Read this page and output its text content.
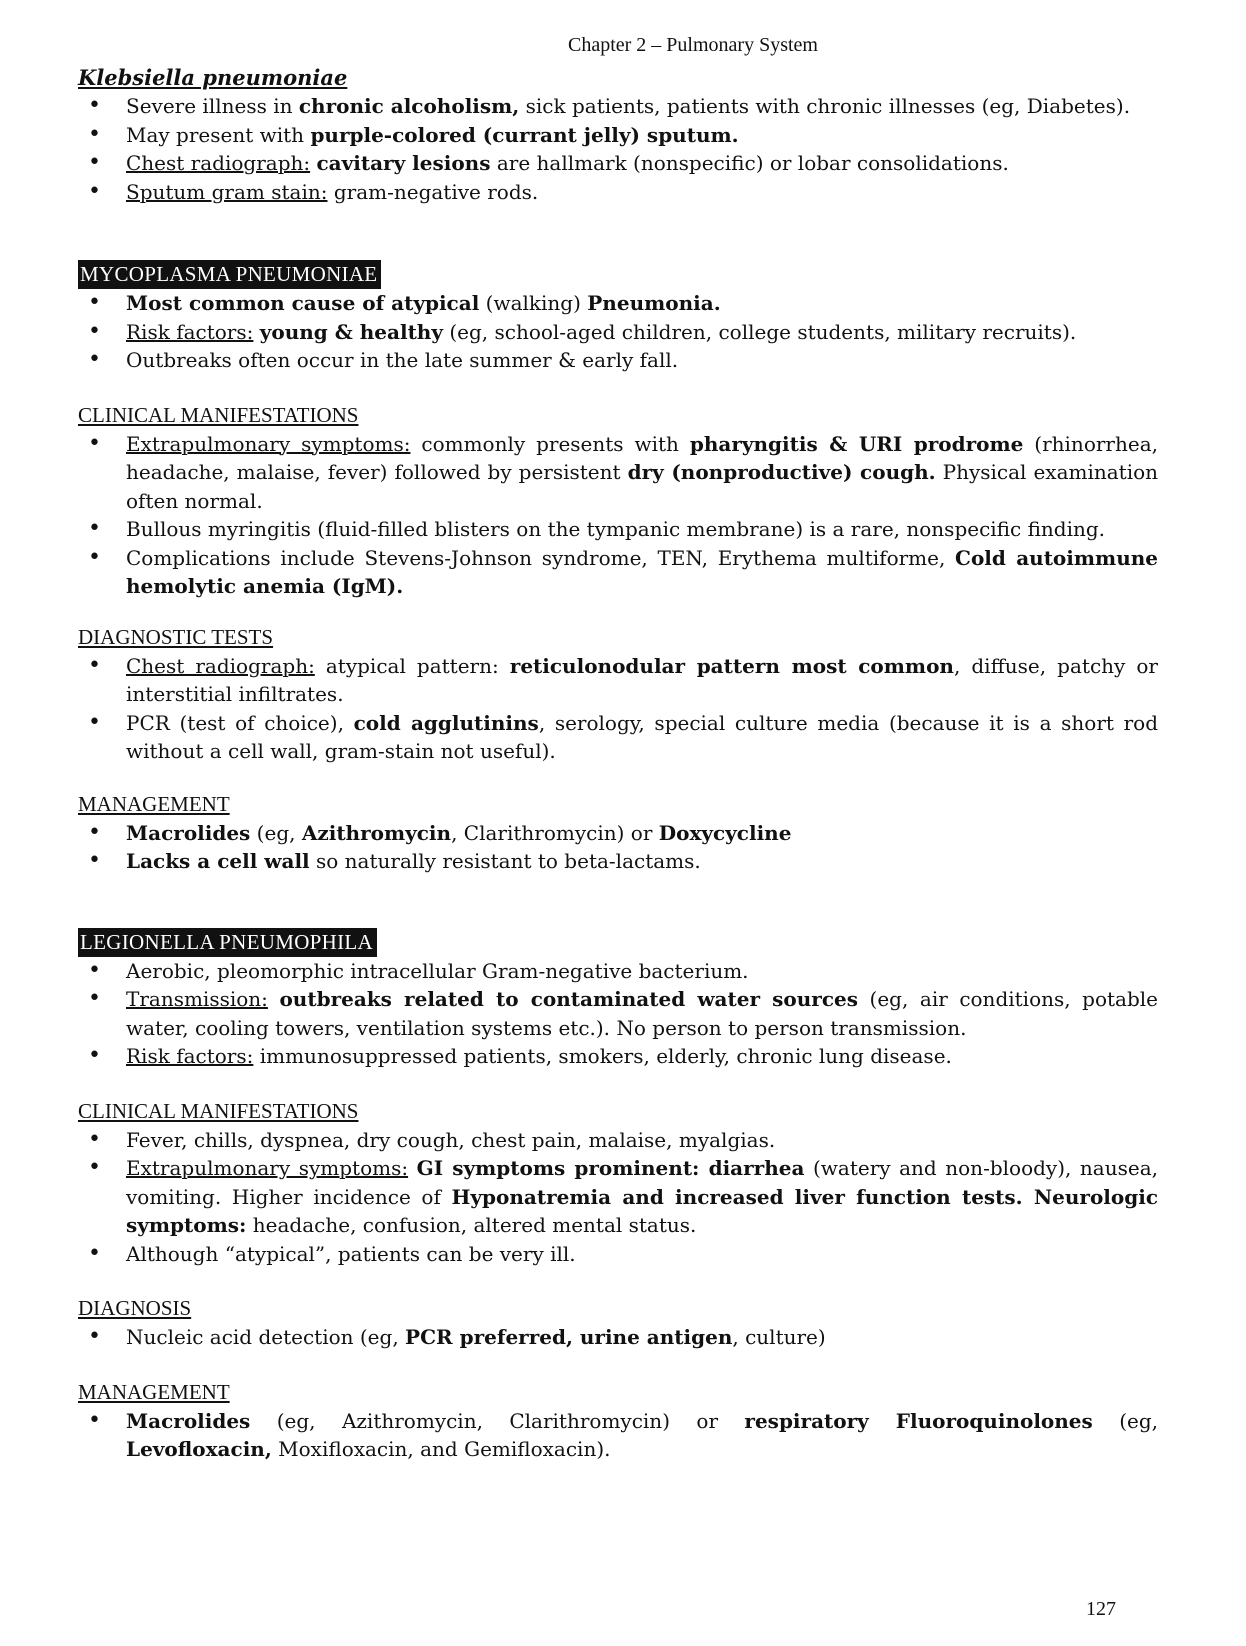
Chapter 2 – Pulmonary System
Klebsiella pneumoniae
• Severe illness in chronic alcoholism, sick patients, patients with chronic illnesses (eg, Diabetes).
• May present with purple-colored (currant jelly) sputum.
• Chest radiograph: cavitary lesions are hallmark (nonspecific) or lobar consolidations.
• Sputum gram stain: gram-negative rods.
MYCOPLASMA PNEUMONIAE
• Most common cause of atypical (walking) Pneumonia.
• Risk factors: young & healthy (eg, school-aged children, college students, military recruits).
• Outbreaks often occur in the late summer & early fall.
CLINICAL MANIFESTATIONS
• Extrapulmonary symptoms: commonly presents with pharyngitis & URI prodrome (rhinorrhea, headache, malaise, fever) followed by persistent dry (nonproductive) cough. Physical examination often normal.
• Bullous myringitis (fluid-filled blisters on the tympanic membrane) is a rare, nonspecific finding.
• Complications include Stevens-Johnson syndrome, TEN, Erythema multiforme, Cold autoimmune hemolytic anemia (IgM).
DIAGNOSTIC TESTS
• Chest radiograph: atypical pattern: reticulonodular pattern most common, diffuse, patchy or interstitial infiltrates.
• PCR (test of choice), cold agglutinins, serology, special culture media (because it is a short rod without a cell wall, gram-stain not useful).
MANAGEMENT
• Macrolides (eg, Azithromycin, Clarithromycin) or Doxycycline
• Lacks a cell wall so naturally resistant to beta-lactams.
LEGIONELLA PNEUMOPHILA
• Aerobic, pleomorphic intracellular Gram-negative bacterium.
• Transmission: outbreaks related to contaminated water sources (eg, air conditions, potable water, cooling towers, ventilation systems etc.). No person to person transmission.
• Risk factors: immunosuppressed patients, smokers, elderly, chronic lung disease.
CLINICAL MANIFESTATIONS
• Fever, chills, dyspnea, dry cough, chest pain, malaise, myalgias.
• Extrapulmonary symptoms: GI symptoms prominent: diarrhea (watery and non-bloody), nausea, vomiting. Higher incidence of Hyponatremia and increased liver function tests. Neurologic symptoms: headache, confusion, altered mental status.
• Although “atypical”, patients can be very ill.
DIAGNOSIS
• Nucleic acid detection (eg, PCR preferred, urine antigen, culture)
MANAGEMENT
• Macrolides (eg, Azithromycin, Clarithromycin) or respiratory Fluoroquinolones (eg, Levofloxacin, Moxifloxacin, and Gemifloxacin).
127
